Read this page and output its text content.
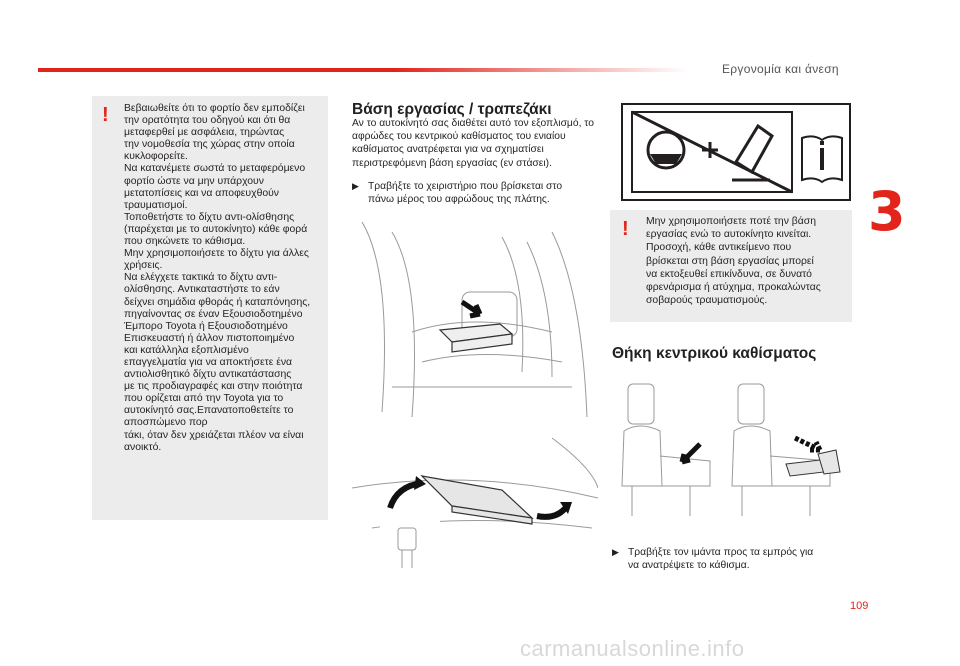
Εργονομία και άνεση
3
! Βεβαιωθείτε ότι το φορτίο δεν εμποδίζει
την ορατότητα του οδηγού και ότι θα
μεταφερθεί με ασφάλεια, τηρώντας
την νομοθεσία της χώρας στην οποία
κυκλοφορείτε.
Να κατανέμετε σωστά το μεταφερόμενο
φορτίο ώστε να μην υπάρχουν
μετατοπίσεις και να αποφευχθούν
τραυματισμοί.
Τοποθετήστε το δίχτυ αντι-ολίσθησης
(παρέχεται με το αυτοκίνητο) κάθε φορά
που σηκώνετε το κάθισμα.
Μην χρησιμοποιήσετε το δίχτυ για άλλες
χρήσεις.
Να ελέγχετε τακτικά το δίχτυ αντι-
ολίσθησης. Αντικαταστήστε το εάν
δείχνει σημάδια φθοράς ή καταπόνησης,
πηγαίνοντας σε έναν Εξουσιοδοτημένο
Έμπορο Toyota ή Εξουσιοδοτημένο
Επισκευαστή ή άλλον πιστοποιημένο
και κατάλληλα εξοπλισμένο
επαγγελματία για να αποκτήσετε ένα
αντιολισθητικό δίχτυ αντικατάστασης
με τις προδιαγραφές και στην ποιότητα
που ορίζεται από την Toyota για το
αυτοκίνητό σας.Επανατοποθετείτε το
αποσπώμενο πορ
τάκι, όταν δεν χρειάζεται πλέον να είναι
ανοικτό.
Βάση εργασίας / τραπεζάκι
Αν το αυτοκίνητό σας διαθέτει αυτό τον εξοπλισμό, το αφρώδες του κεντρικού καθίσματος του ενιαίου καθίσματος ανατρέφεται για να σχηματίσει περιστρεφόμενη βάση εργασίας (εν στάσει).
▶ Τραβήξτε το χειριστήριο που βρίσκεται στο
πάνω μέρος του αφρώδους της πλάτης.
! Μην χρησιμοποιήσετε ποτέ την βάση
εργασίας ενώ το αυτοκίνητο κινείται.
Προσοχή, κάθε αντικείμενο που
βρίσκεται στη βάση εργασίας μπορεί
να εκτοξευθεί επικίνδυνα, σε δυνατό
φρενάρισμα ή ατύχημα, προκαλώντας
σοβαρούς τραυματισμούς.
Θήκη κεντρικού καθίσματος
▶ Τραβήξτε τον ιμάντα προς τα εμπρός για
να ανατρέψετε το κάθισμα.
109
carmanualsonline.info
